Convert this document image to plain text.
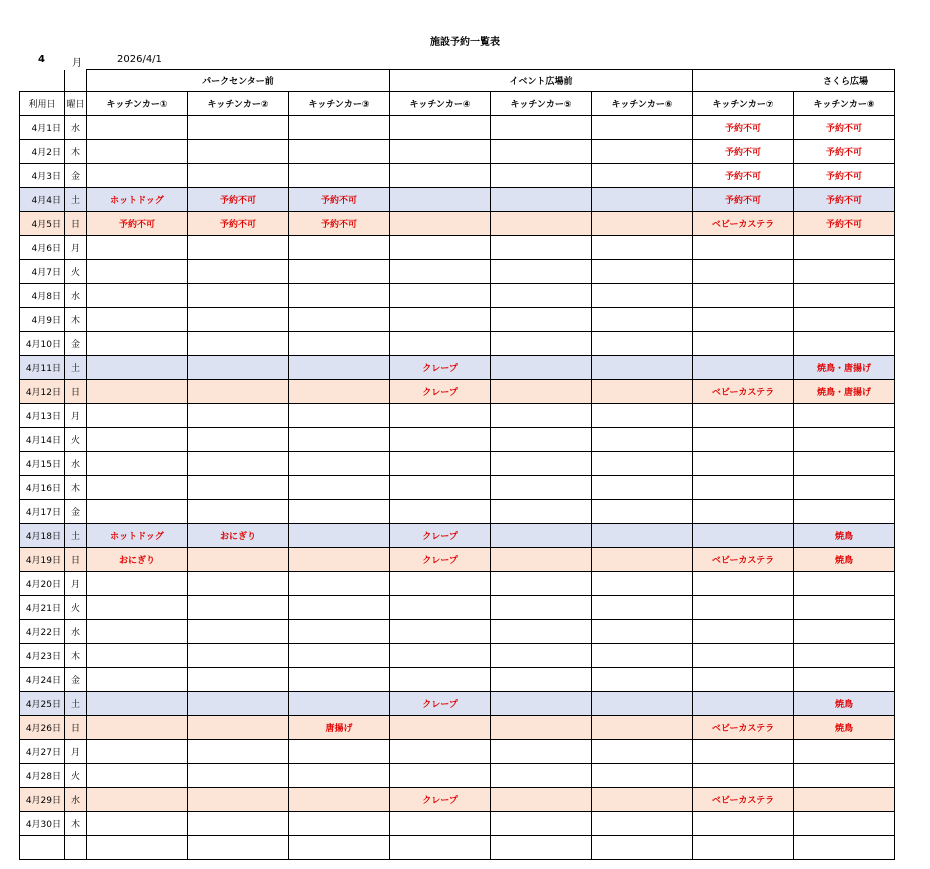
施設予約一覧表
4	月	2026/4/1
		パークセンター前			イベント広場前			さくら広場	
利用日	曜日	キッチンカー①	キッチンカー②	キッチンカー③	キッチンカー④	キッチンカー⑤	キッチンカー⑥	キッチンカー⑦	キッチンカー⑧
4月1日	水							予約不可	予約不可
4月2日	木							予約不可	予約不可
4月3日	金							予約不可	予約不可
4月4日	土	ホットドッグ	予約不可	予約不可				予約不可	予約不可
4月5日	日	予約不可	予約不可	予約不可				ベビーカステラ	予約不可
4月6日	月								
4月7日	火								
4月8日	水								
4月9日	木								
4月10日	金								
4月11日	土				クレープ				焼鳥・唐揚げ
4月12日	日				クレープ			ベビーカステラ	焼鳥・唐揚げ
4月13日	月								
4月14日	火								
4月15日	水								
4月16日	木								
4月17日	金								
4月18日	土	ホットドッグ	おにぎり		クレープ				焼鳥
4月19日	日	おにぎり			クレープ			ベビーカステラ	焼鳥
4月20日	月								
4月21日	火								
4月22日	水								
4月23日	木								
4月24日	金								
4月25日	土				クレープ				焼鳥
4月26日	日			唐揚げ				ベビーカステラ	焼鳥
4月27日	月								
4月28日	火								
4月29日	水				クレープ			ベビーカステラ	
4月30日	木								
